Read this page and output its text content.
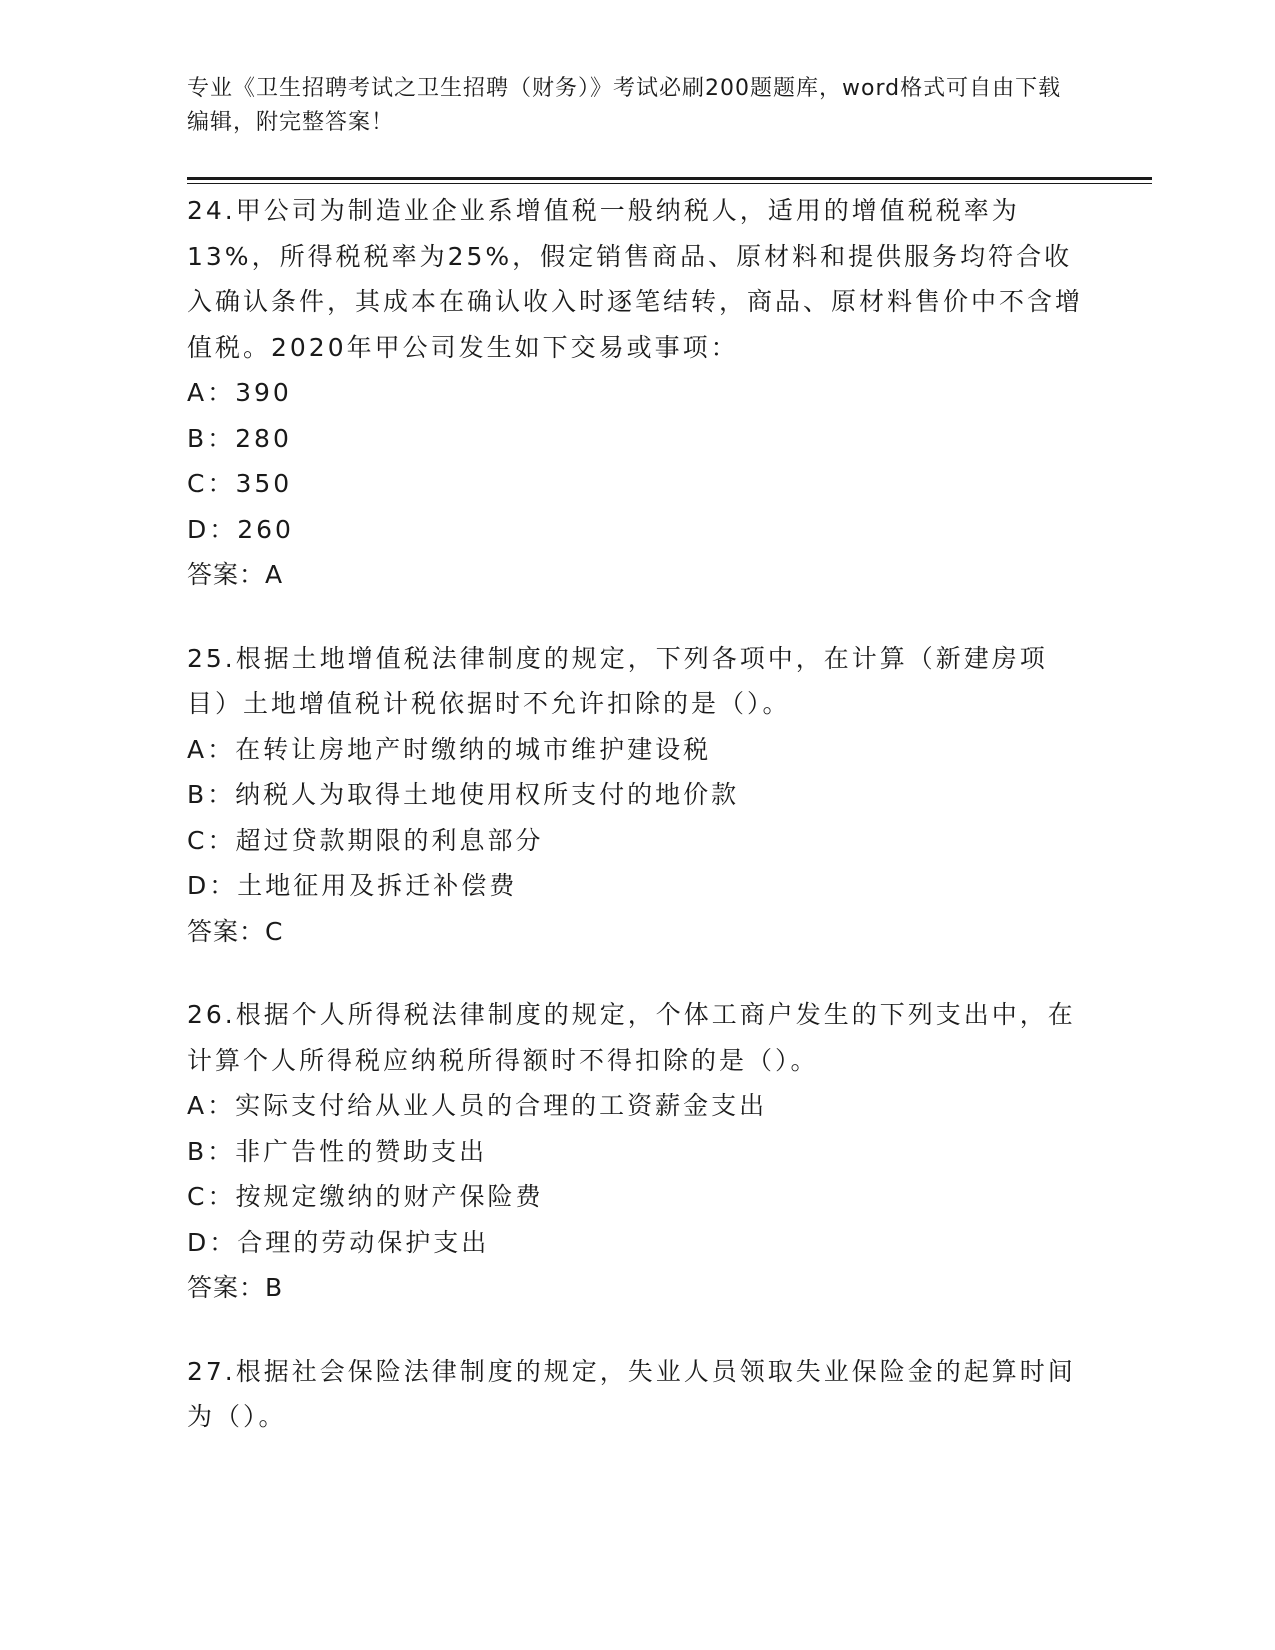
专业《卫生招聘考试之卫生招聘（财务）》考试必刷200题题库，word格式可自由下载编辑，附完整答案！

24.甲公司为制造业企业系增值税一般纳税人，适用的增值税税率为13%，所得税税率为25%，假定销售商品、原材料和提供服务均符合收入确认条件，其成本在确认收入时逐笔结转，商品、原材料售价中不含增值税。2020年甲公司发生如下交易或事项：

A：390

B：280

C：350

D：260

答案：A

25.根据土地增值税法律制度的规定，下列各项中，在计算（新建房项目）土地增值税计税依据时不允许扣除的是（）。

A：在转让房地产时缴纳的城市维护建设税

B：纳税人为取得土地使用权所支付的地价款

C：超过贷款期限的利息部分

D：土地征用及拆迁补偿费

答案：C

26.根据个人所得税法律制度的规定，个体工商户发生的下列支出中，在计算个人所得税应纳税所得额时不得扣除的是（）。

A：实际支付给从业人员的合理的工资薪金支出

B：非广告性的赞助支出

C：按规定缴纳的财产保险费

D：合理的劳动保护支出

答案：B

27.根据社会保险法律制度的规定，失业人员领取失业保险金的起算时间为（）。
